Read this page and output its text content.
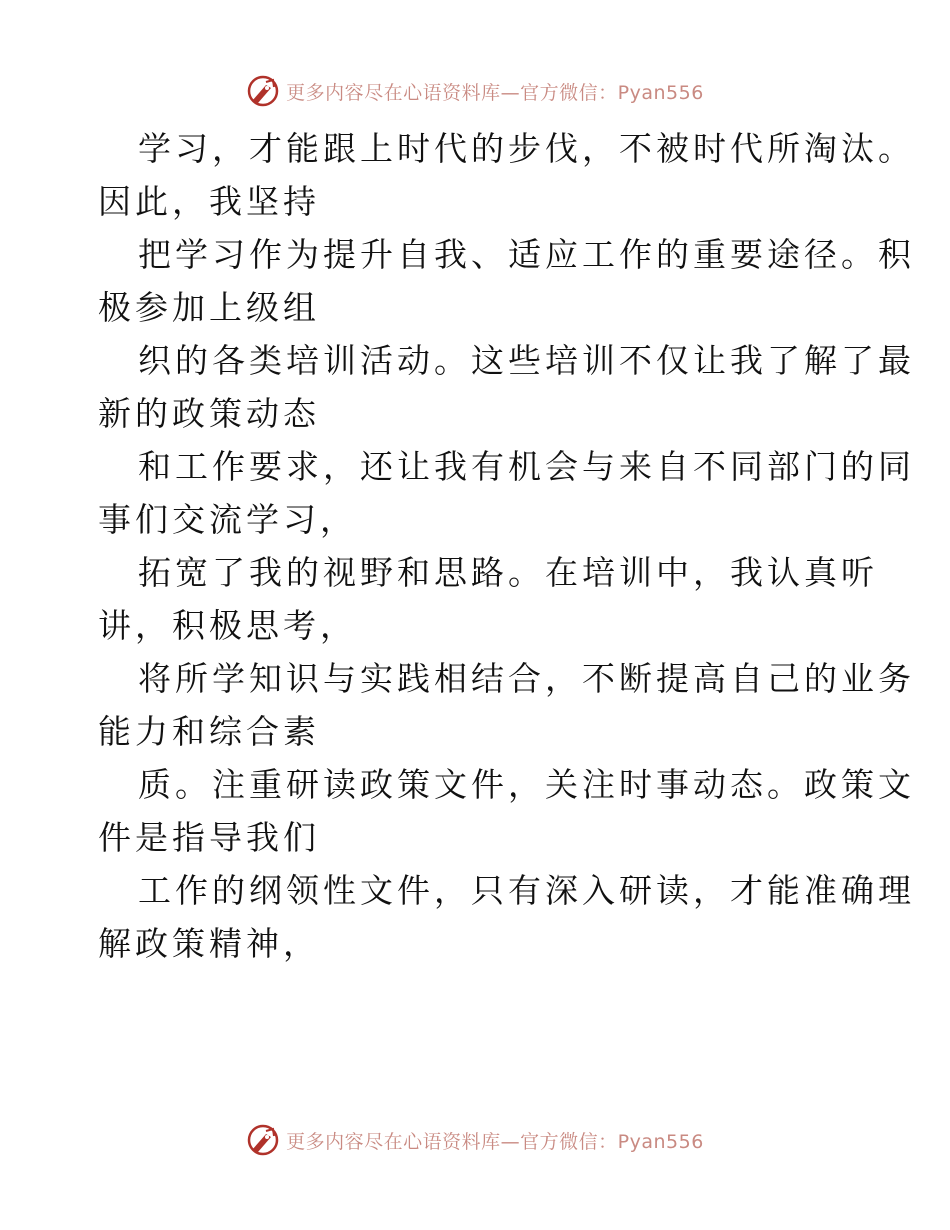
更多内容尽在心语资料库—官方微信：Pyan556

学习，才能跟上时代的步伐，不被时代所淘汰。

因此，我坚持

把学习作为提升自我、适应工作的重要途径。积

极参加上级组

织的各类培训活动。这些培训不仅让我了解了最

新的政策动态

和工作要求，还让我有机会与来自不同部门的同

事们交流学习，

拓宽了我的视野和思路。在培训中，我认真听

讲，积极思考，

将所学知识与实践相结合，不断提高自己的业务

能力和综合素

质。注重研读政策文件，关注时事动态。政策文

件是指导我们

工作的纲领性文件，只有深入研读，才能准确理

解政策精神，

更多内容尽在心语资料库—官方微信：Pyan556
